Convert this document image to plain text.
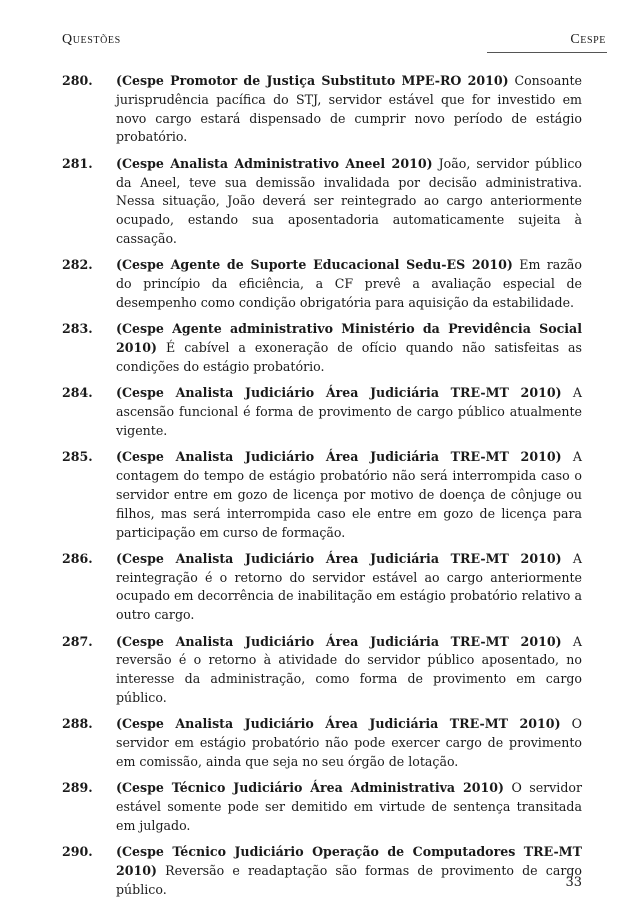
Questões	Cespe
280. (Cespe Promotor de Justiça Substituto MPE-RO 2010) Consoante jurisprudência pacífica do STJ, servidor estável que for investido em novo cargo estará dispensado de cumprir novo período de estágio probatório.
281. (Cespe Analista Administrativo Aneel 2010) João, servidor público da Aneel, teve sua demissão invalidada por decisão administrativa. Nessa situação, João deverá ser reintegrado ao cargo anteriormente ocupado, estando sua aposentadoria automaticamente sujeita à cassação.
282. (Cespe Agente de Suporte Educacional Sedu-ES 2010) Em razão do princípio da eficiência, a CF prevê a avaliação especial de desempenho como condição obrigatória para aquisição da estabilidade.
283. (Cespe Agente administrativo Ministério da Previdência Social 2010) É cabível a exoneração de ofício quando não satisfeitas as condições do estágio probatório.
284. (Cespe Analista Judiciário Área Judiciária TRE-MT 2010) A ascensão funcional é forma de provimento de cargo público atualmente vigente.
285. (Cespe Analista Judiciário Área Judiciária TRE-MT 2010) A contagem do tempo de estágio probatório não será interrompida caso o servidor entre em gozo de licença por motivo de doença de cônjuge ou filhos, mas será interrompida caso ele entre em gozo de licença para participação em curso de formação.
286. (Cespe Analista Judiciário Área Judiciária TRE-MT 2010) A reintegração é o retorno do servidor estável ao cargo anteriormente ocupado em decorrência de inabilitação em estágio probatório relativo a outro cargo.
287. (Cespe Analista Judiciário Área Judiciária TRE-MT 2010) A reversão é o retorno à atividade do servidor público aposentado, no interesse da administração, como forma de provimento em cargo público.
288. (Cespe Analista Judiciário Área Judiciária TRE-MT 2010) O servidor em estágio probatório não pode exercer cargo de provimento em comissão, ainda que seja no seu órgão de lotação.
289. (Cespe Técnico Judiciário Área Administrativa 2010) O servidor estável somente pode ser demitido em virtude de sentença transitada em julgado.
290. (Cespe Técnico Judiciário Operação de Computadores TRE-MT 2010) Reversão e readaptação são formas de provimento de cargo público.	33
